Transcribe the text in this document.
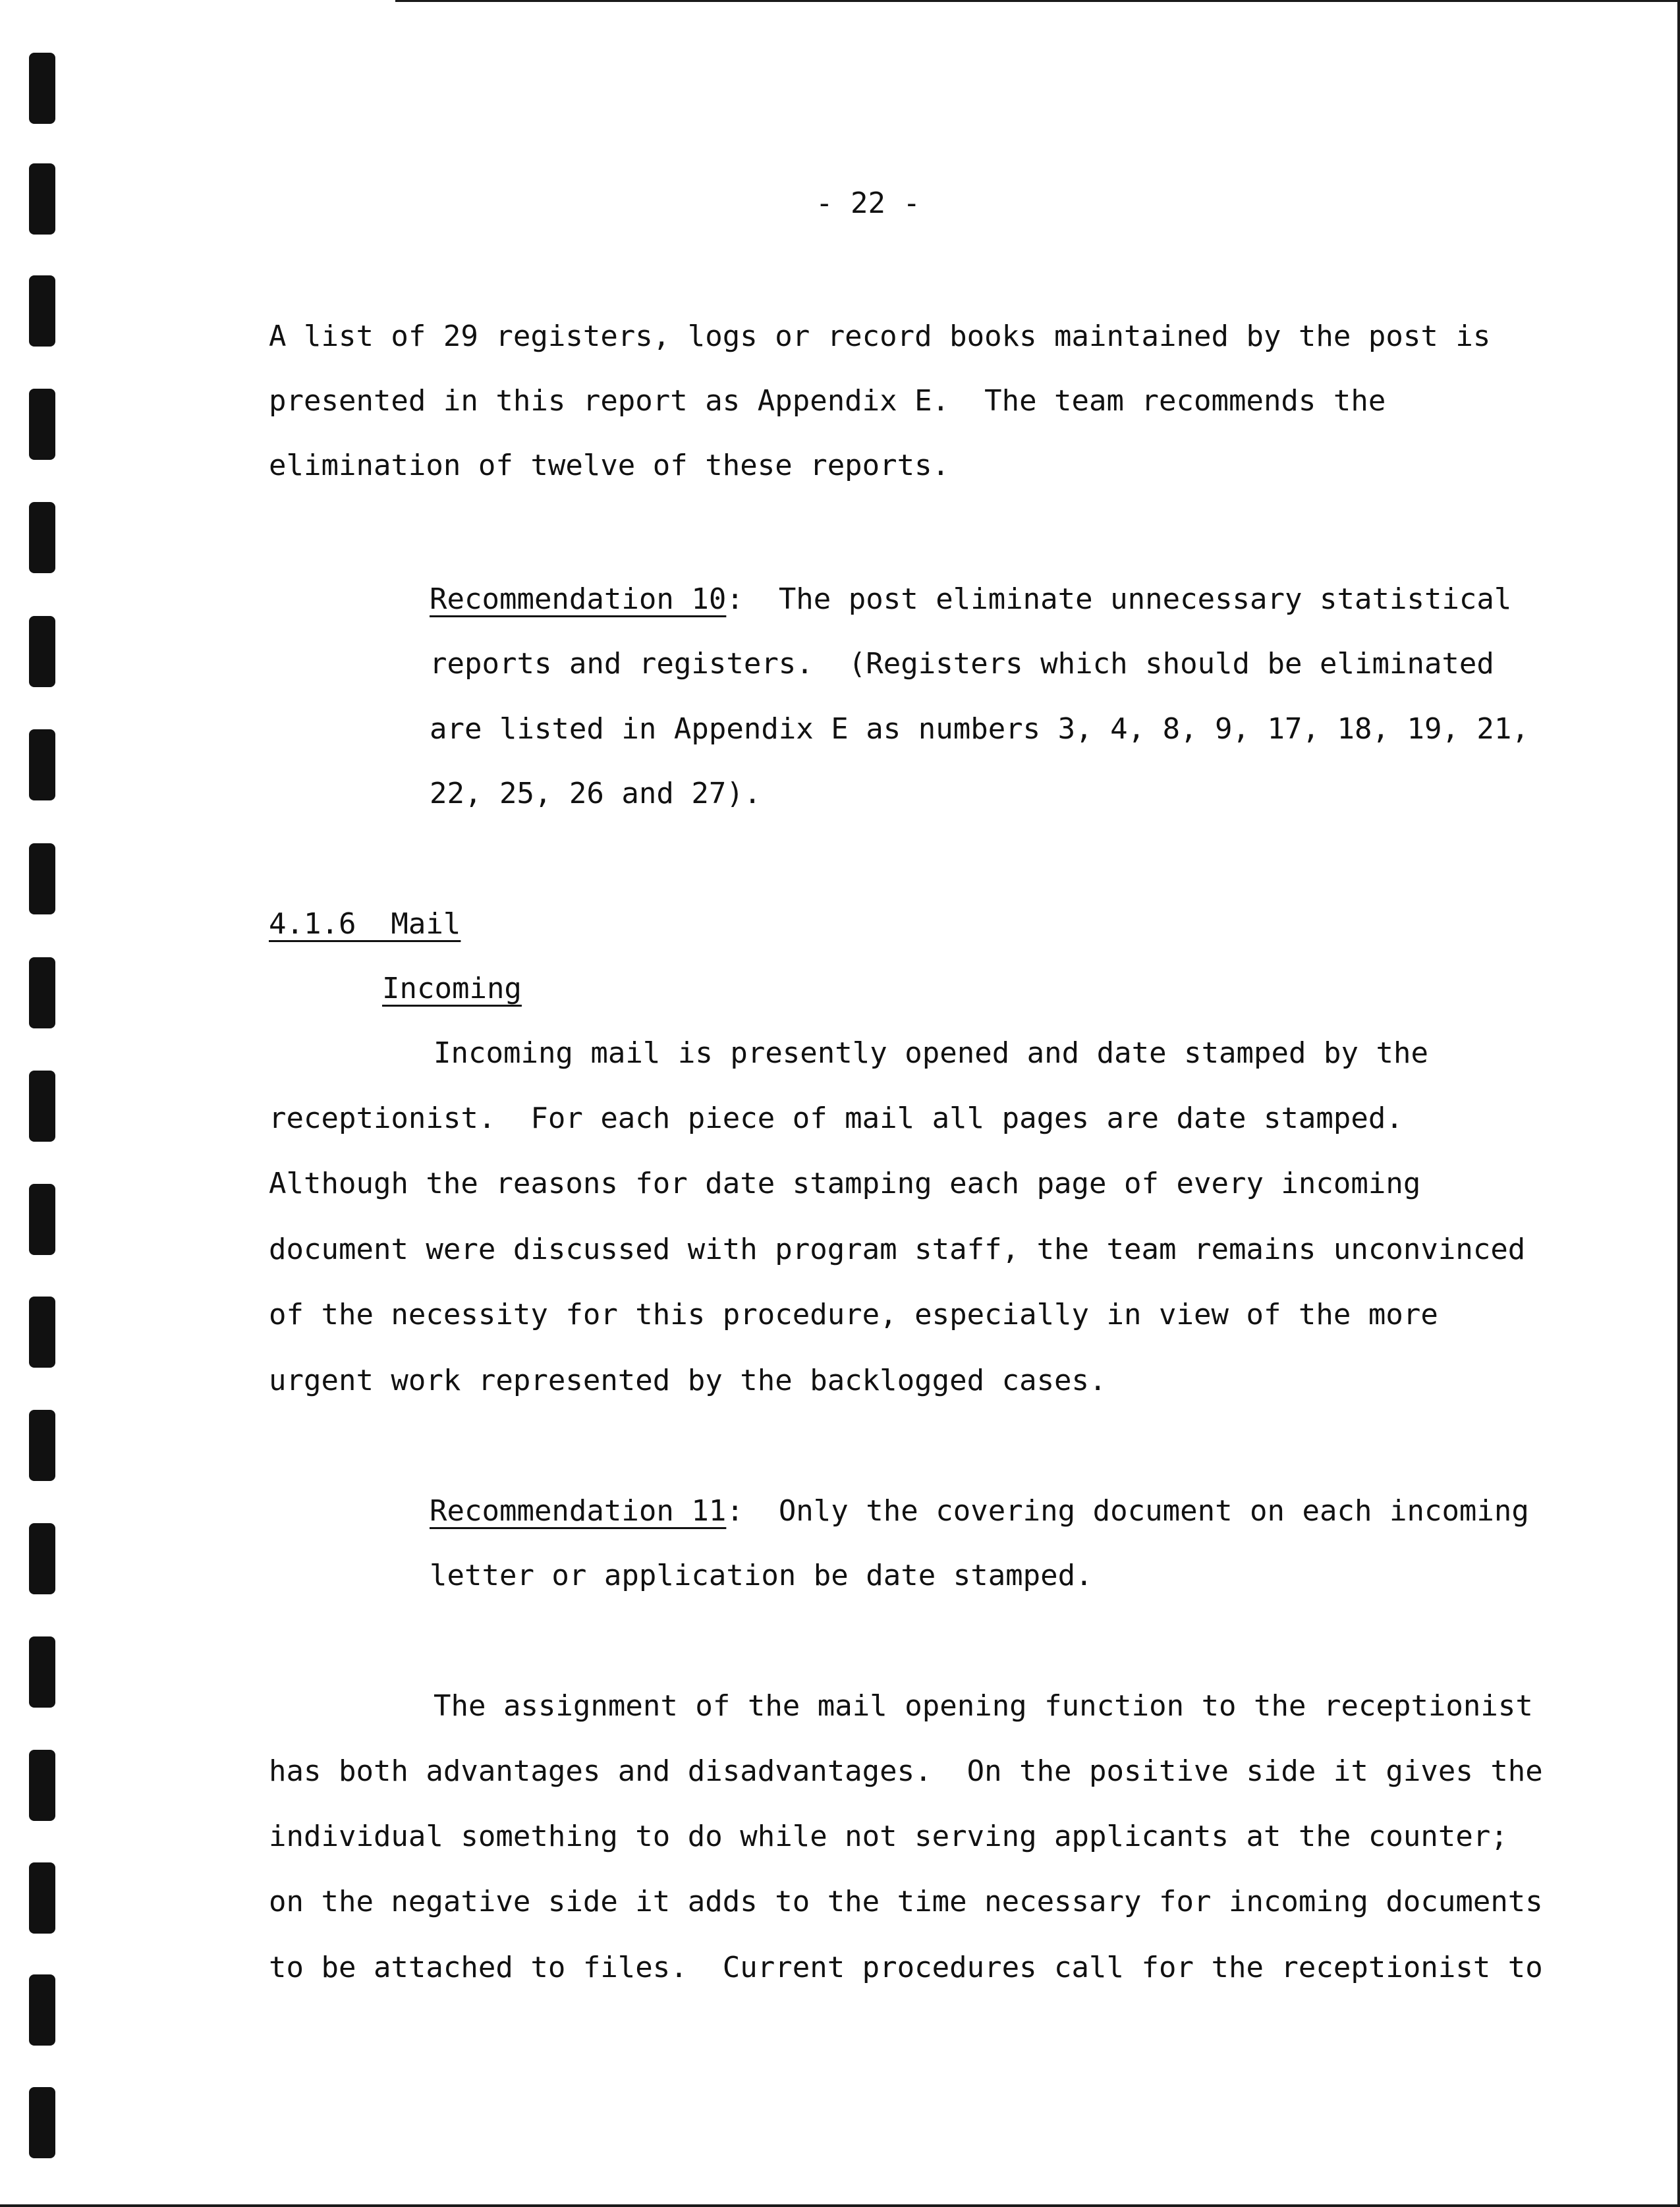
- 22 -
A list of 29 registers, logs or record books maintained by the post is
presented in this report as Appendix E.  The team recommends the
elimination of twelve of these reports.
Recommendation 10:  The post eliminate unnecessary statistical
reports and registers.  (Registers which should be eliminated
are listed in Appendix E as numbers 3, 4, 8, 9, 17, 18, 19, 21,
22, 25, 26 and 27).
4.1.6  Mail
Incoming
Incoming mail is presently opened and date stamped by the
receptionist.  For each piece of mail all pages are date stamped.
Although the reasons for date stamping each page of every incoming
document were discussed with program staff, the team remains unconvinced
of the necessity for this procedure, especially in view of the more
urgent work represented by the backlogged cases.
Recommendation 11:  Only the covering document on each incoming
letter or application be date stamped.
The assignment of the mail opening function to the receptionist
has both advantages and disadvantages.  On the positive side it gives the
individual something to do while not serving applicants at the counter;
on the negative side it adds to the time necessary for incoming documents
to be attached to files.  Current procedures call for the receptionist to
